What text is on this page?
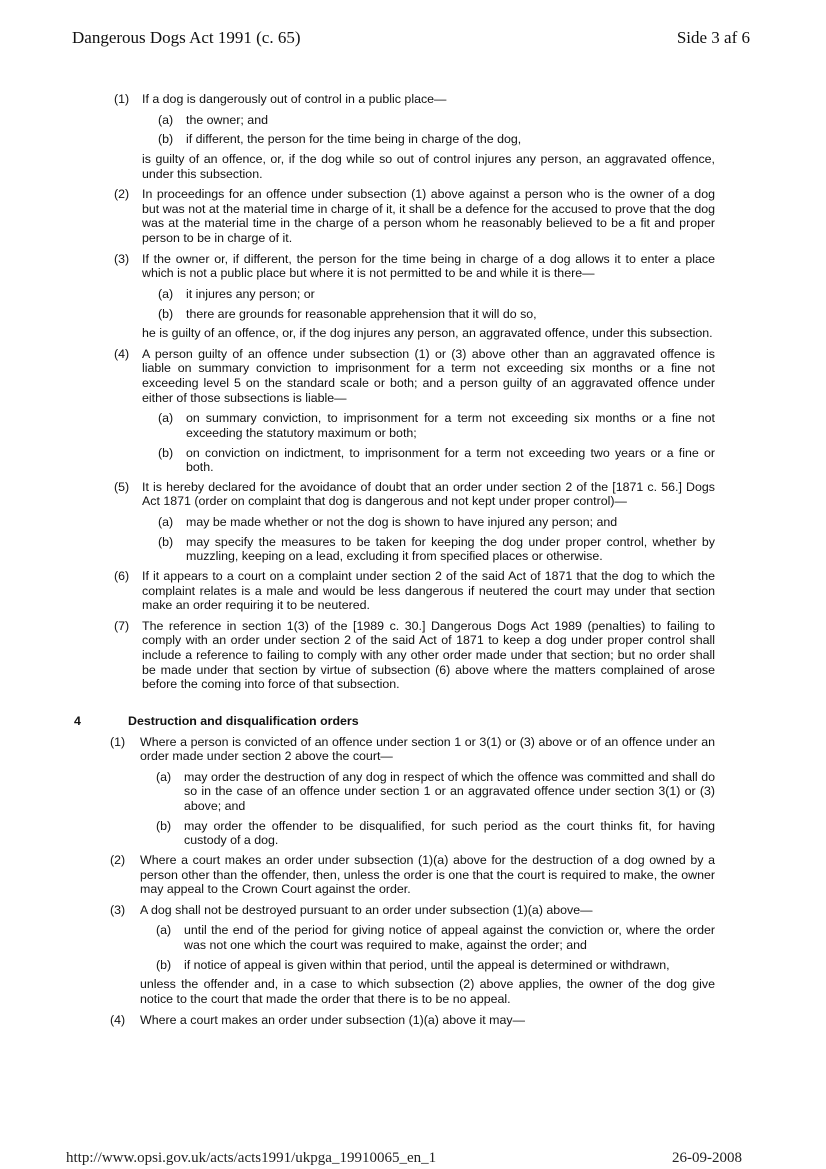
Dangerous Dogs Act 1991 (c. 65)	Side 3 af 6
(1) If a dog is dangerously out of control in a public place—
(a) the owner; and
(b) if different, the person for the time being in charge of the dog,
is guilty of an offence, or, if the dog while so out of control injures any person, an aggravated offence, under this subsection.
(2) In proceedings for an offence under subsection (1) above against a person who is the owner of a dog but was not at the material time in charge of it, it shall be a defence for the accused to prove that the dog was at the material time in the charge of a person whom he reasonably believed to be a fit and proper person to be in charge of it.
(3) If the owner or, if different, the person for the time being in charge of a dog allows it to enter a place which is not a public place but where it is not permitted to be and while it is there—
(a) it injures any person; or
(b) there are grounds for reasonable apprehension that it will do so,
he is guilty of an offence, or, if the dog injures any person, an aggravated offence, under this subsection.
(4) A person guilty of an offence under subsection (1) or (3) above other than an aggravated offence is liable on summary conviction to imprisonment for a term not exceeding six months or a fine not exceeding level 5 on the standard scale or both; and a person guilty of an aggravated offence under either of those subsections is liable—
(a) on summary conviction, to imprisonment for a term not exceeding six months or a fine not exceeding the statutory maximum or both;
(b) on conviction on indictment, to imprisonment for a term not exceeding two years or a fine or both.
(5) It is hereby declared for the avoidance of doubt that an order under section 2 of the [1871 c. 56.] Dogs Act 1871 (order on complaint that dog is dangerous and not kept under proper control)—
(a) may be made whether or not the dog is shown to have injured any person; and
(b) may specify the measures to be taken for keeping the dog under proper control, whether by muzzling, keeping on a lead, excluding it from specified places or otherwise.
(6) If it appears to a court on a complaint under section 2 of the said Act of 1871 that the dog to which the complaint relates is a male and would be less dangerous if neutered the court may under that section make an order requiring it to be neutered.
(7) The reference in section 1(3) of the [1989 c. 30.] Dangerous Dogs Act 1989 (penalties) to failing to comply with an order under section 2 of the said Act of 1871 to keep a dog under proper control shall include a reference to failing to comply with any other order made under that section; but no order shall be made under that section by virtue of subsection (6) above where the matters complained of arose before the coming into force of that subsection.
4	Destruction and disqualification orders
(1) Where a person is convicted of an offence under section 1 or 3(1) or (3) above or of an offence under an order made under section 2 above the court—
(a) may order the destruction of any dog in respect of which the offence was committed and shall do so in the case of an offence under section 1 or an aggravated offence under section 3(1) or (3) above; and
(b) may order the offender to be disqualified, for such period as the court thinks fit, for having custody of a dog.
(2) Where a court makes an order under subsection (1)(a) above for the destruction of a dog owned by a person other than the offender, then, unless the order is one that the court is required to make, the owner may appeal to the Crown Court against the order.
(3) A dog shall not be destroyed pursuant to an order under subsection (1)(a) above—
(a) until the end of the period for giving notice of appeal against the conviction or, where the order was not one which the court was required to make, against the order; and
(b) if notice of appeal is given within that period, until the appeal is determined or withdrawn,
unless the offender and, in a case to which subsection (2) above applies, the owner of the dog give notice to the court that made the order that there is to be no appeal.
(4) Where a court makes an order under subsection (1)(a) above it may—
http://www.opsi.gov.uk/acts/acts1991/ukpga_19910065_en_1	26-09-2008
